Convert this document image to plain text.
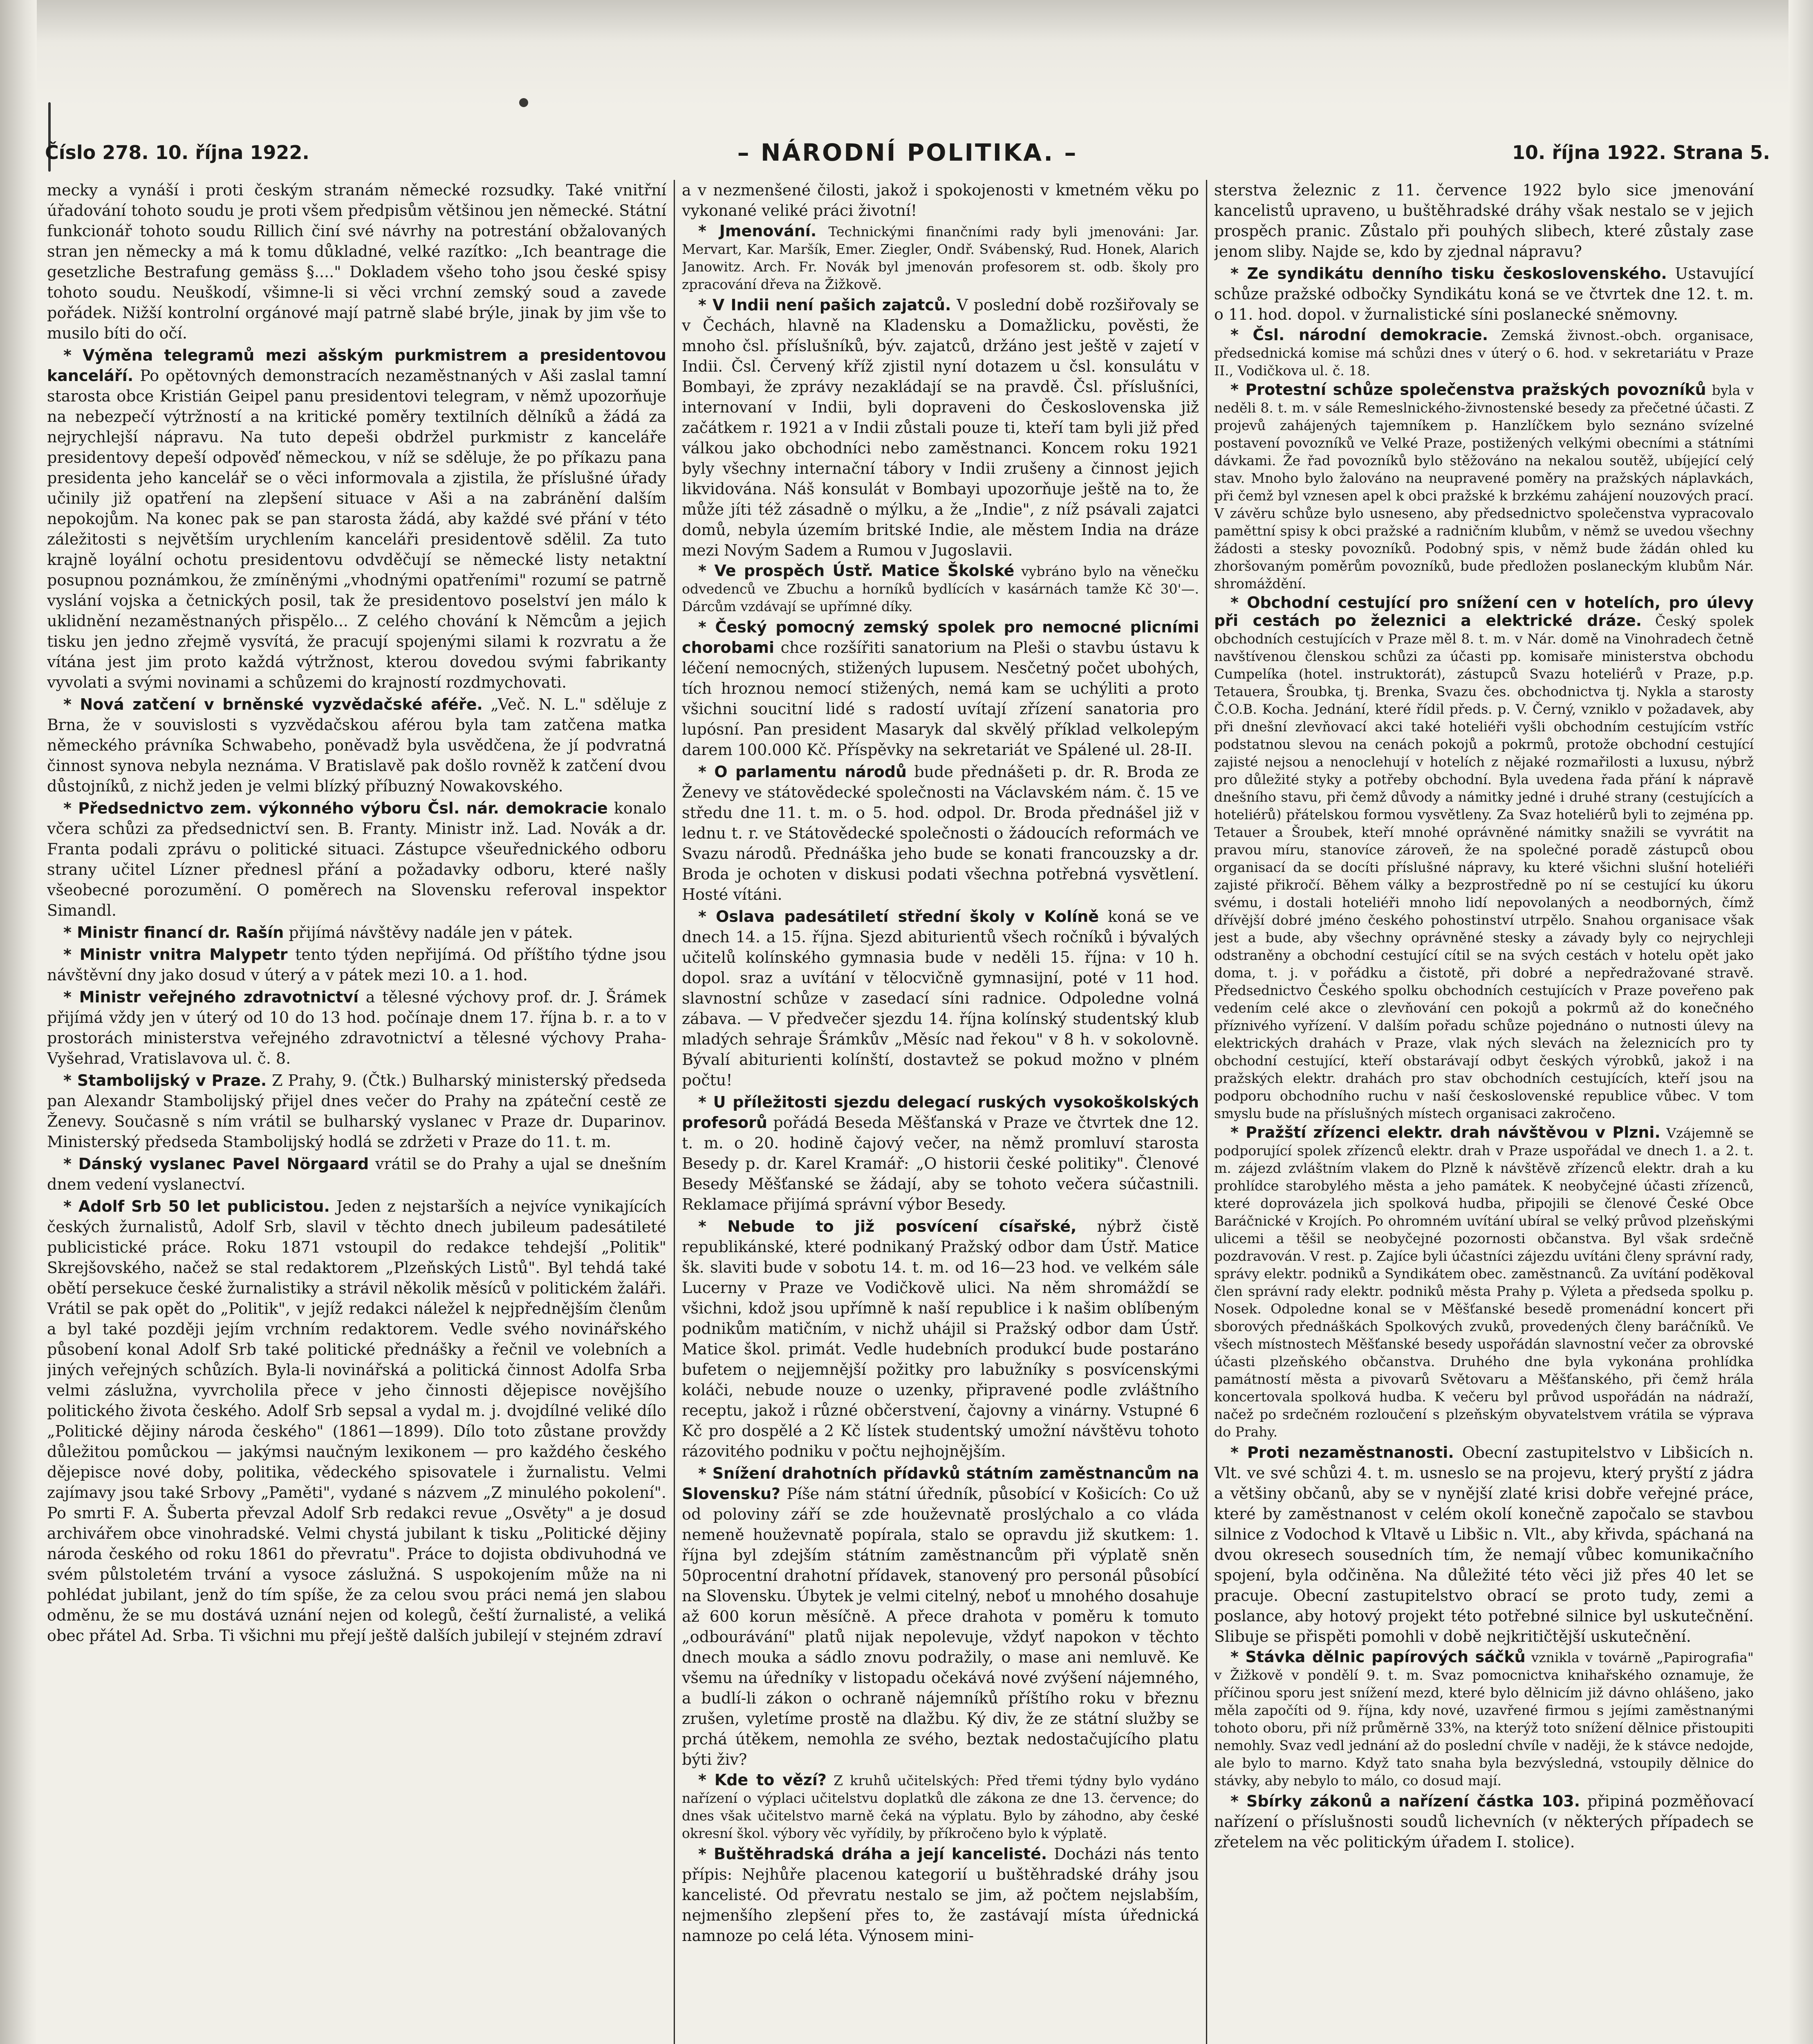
Číslo 278. 10. října 1922.	– NÁRODNÍ POLITIKA. –	10. října 1922. Strana 5.

mecky a vynáší i proti českým stranám německé rozsudky. Také vnitřní úřadování tohoto soudu je proti všem předpisům většinou jen německé. Státní funkcionář tohoto soudu Rillich činí své návrhy na potrestání obžalovaných stran jen německy a má k tomu důkladné, velké razítko: „Ich beantrage die gesetzliche Bestrafung gemäss §...." Dokladem všeho toho jsou české spisy tohoto soudu. Neuškodí, všimne-li si věci vrchní zemský soud a zavede pořádek. Nižší kontrolní orgánové mají patrně slabé brýle, jinak by jim vše to musilo bíti do očí.

* Výměna telegramů mezi ašským purkmistrem a presidentovou kanceláří. Po opětovných demonstracích nezaměstnaných v Aši zaslal tamní starosta obce Kristián Geipel panu presidentovi telegram, v němž upozorňuje na nebezpečí výtržností a na kritické poměry textilních dělníků a žádá za nejrychlejší nápravu. Na tuto depeši obdržel purkmistr z kanceláře presidentovy depeší odpověď německou, v níž se sděluje, že po příkazu pana presidenta jeho kancelář se o věci informovala a zjistila, že příslušné úřady učinily již opatření na zlepšení situace v Aši a na zabránění dalším nepokojům. Na konec pak se pan starosta žádá, aby každé své přání v této záležitosti s největším urychlením kanceláři presidentově sdělil. Za tuto krajně loyální ochotu presidentovu odvděčují se německé listy netaktní posupnou poznámkou, že zmíněnými „vhodnými opatřeními" rozumí se patrně vyslání vojska a četnických posil, tak že presidentovo poselství jen málo k uklidnění nezaměstnaných přispělo... Z celého chování k Němcům a jejich tisku jen jedno zřejmě vysvítá, že pracují spojenými silami k rozvratu a že vítána jest jim proto každá výtržnost, kterou dovedou svými fabrikanty vyvolati a svými novinami a schůzemi do krajností rozdmychovati.

* Nová zatčení v brněnské vyzvědačské aféře. „Več. N. L." sděluje z Brna, že v souvislosti s vyzvědačskou aférou byla tam zatčena matka německého právníka Schwabeho, poněvadž byla usvědčena, že jí podvratná činnost synova nebyla neznáma. V Bratislavě pak došlo rovněž k zatčení dvou důstojníků, z nichž jeden je velmi blízký příbuzný Nowakovského.

* Předsednictvo zem. výkonného výboru Čsl. nár. demokracie konalo včera schůzi za předsednictví sen. B. Franty. Ministr inž. Lad. Novák a dr. Franta podali zprávu o politické situaci. Zástupce všeuřednického odboru strany učitel Lízner přednesl přání a požadavky odboru, které našly všeobecné porozumění. O poměrech na Slovensku referoval inspektor Simandl.

* Ministr financí dr. Rašín přijímá návštěvy nadále jen v pátek.

* Ministr vnitra Malypetr tento týden nepřijímá. Od příštího týdne jsou návštěvní dny jako dosud v úterý a v pátek mezi 10. a 1. hod.

* Ministr veřejného zdravotnictví a tělesné výchovy prof. dr. J. Šrámek přijímá vždy jen v úterý od 10 do 13 hod. počínaje dnem 17. října b. r. a to v prostorách ministerstva veřejného zdravotnictví a tělesné výchovy Praha-Vyšehrad, Vratislavova ul. č. 8.

* Stambolijský v Praze. Z Prahy, 9. (Čtk.) Bulharský ministerský předseda pan Alexandr Stambolijský přijel dnes večer do Prahy na zpáteční cestě ze Ženevy. Současně s ním vrátil se bulharský vyslanec v Praze dr. Duparinov. Ministerský předseda Stambolijský hodlá se zdržeti v Praze do 11. t. m.

* Dánský vyslanec Pavel Nörgaard vrátil se do Prahy a ujal se dnešním dnem vedení vyslanectví.

* Adolf Srb 50 let publicistou. Jeden z nejstarších a nejvíce vynikajících českých žurnalistů, Adolf Srb, slavil v těchto dnech jubileum padesátileté publicistické práce. Roku 1871 vstoupil do redakce tehdejší „Politik" Skrejšovského, načež se stal redaktorem „Plzeňských Listů". Byl tehdá také obětí persekuce české žurnalistiky a strávil několik měsíců v politickém žaláři. Vrátil se pak opět do „Politik", v jejíž redakci náležel k nejpřednějším členům a byl také později jejím vrchním redaktorem. Vedle svého novinářského působení konal Adolf Srb také politické přednášky a řečnil ve volebních a jiných veřejných schůzích. Byla-li novinářská a politická činnost Adolfa Srba velmi záslužna, vyvrcholila přece v jeho činnosti dějepisce novějšího politického života českého. Adolf Srb sepsal a vydal m. j. dvojdílné veliké dílo „Politické dějiny národa českého" (1861—1899). Dílo toto zůstane provždy důležitou pomůckou — jakýmsi naučným lexikonem — pro každého českého dějepisce nové doby, politika, vědeckého spisovatele i žurnalistu. Velmi zajímavy jsou také Srbovy „Paměti", vydané s názvem „Z minulého pokolení". Po smrti F. A. Šuberta převzal Adolf Srb redakci revue „Osvěty" a je dosud archivářem obce vinohradské. Velmi chystá jubilant k tisku „Politické dějiny národa českého od roku 1861 do převratu". Práce to dojista obdivuhodná ve svém půlstoletém trvání a vysoce záslužná. S uspokojením může na ni pohlédat jubilant, jenž do tím spíše, že za celou svou práci nemá jen slabou odměnu, že se mu dostává uznání nejen od kolegů, čeští žurnalisté, a veliká obec přátel Ad. Srba. Ti všichni mu přejí ještě dalších jubilejí v stejném zdraví

a v nezmenšené čilosti, jakož i spokojenosti v kmetném věku po vykonané veliké práci životní!

* Jmenování. Technickými finančními rady byli jmenováni: Jar. Mervart, Kar. Maršík, Emer. Ziegler, Ondř. Svábenský, Rud. Honek, Alarich Janowitz. Arch. Fr. Novák byl jmenován profesorem st. odb. školy pro zpracování dřeva na Žižkově.

* V Indii není pašich zajatců. V poslední době rozšiřovaly se v Čechách, hlavně na Kladensku a Domažlicku, pověsti, že mnoho čsl. příslušníků, býv. zajatců, držáno jest ještě v zajetí v Indii. Čsl. Červený kříž zjistil nyní dotazem u čsl. konsulátu v Bombayi, že zprávy nezakládají se na pravdě. Čsl. příslušníci, internovaní v Indii, byli dopraveni do Československa již začátkem r. 1921 a v Indii zůstali pouze ti, kteří tam byli již před válkou jako obchodníci nebo zaměstnanci. Koncem roku 1921 byly všechny internační tábory v Indii zrušeny a činnost jejich likvidována. Náš konsulát v Bombayi upozorňuje ještě na to, že může jíti též zásadně o mýlku, a že „Indie", z níž psávali zajatci domů, nebyla územím britské Indie, ale městem India na dráze mezi Novým Sadem a Rumou v Jugoslavii.

* Ve prospěch Ústř. Matice Školské vybráno bylo na věnečku odvedenců ve Zbuchu a horníků bydlících v kasárnách tamže Kč 30'—. Dárcům vzdávají se upřímné díky.

* Český pomocný zemský spolek pro nemocné plicními chorobami chce rozšířiti sanatorium na Pleši o stavbu ústavu k léčení nemocných, stižených lupusem. Nesčetný počet ubohých, tích hroznou nemocí stižených, nemá kam se uchýliti a proto všichni soucitní lidé s radostí uvítají zřízení sanatoria pro lupósní. Pan president Masaryk dal skvělý příklad velkolepým darem 100.000 Kč. Příspěvky na sekretariát ve Spálené ul. 28-II.

* O parlamentu národů bude přednášeti p. dr. R. Broda ze Ženevy ve státovědecké společnosti na Václavském nám. č. 15 ve středu dne 11. t. m. o 5. hod. odpol. Dr. Broda přednášel již v lednu t. r. ve Státovědecké společnosti o žádoucích reformách ve Svazu národů. Přednáška jeho bude se konati francouzsky a dr. Broda je ochoten v diskusi podati všechna potřebná vysvětlení. Hosté vítáni.

* Oslava padesátiletí střední školy v Kolíně koná se ve dnech 14. a 15. října. Sjezd abiturientů všech ročníků i bývalých učitelů kolínského gymnasia bude v neděli 15. října: v 10 h. dopol. sraz a uvítání v tělocvičně gymnasijní, poté v 11 hod. slavnostní schůze v zasedací síni radnice. Odpoledne volná zábava. — V předvečer sjezdu 14. října kolínský studentský klub mladých sehraje Šrámkův „Měsíc nad řekou" v 8 h. v sokolovně. Bývalí abiturienti kolínští, dostavtež se pokud možno v plném počtu!

* U příležitosti sjezdu delegací ruských vysokoškolských profesorů pořádá Beseda Měšťanská v Praze ve čtvrtek dne 12. t. m. o 20. hodině čajový večer, na němž promluví starosta Besedy p. dr. Karel Kramář: „O historii české politiky". Členové Besedy Měšťanské se žádají, aby se tohoto večera súčastnili. Reklamace přijímá správní výbor Besedy.

* Nebude to již posvícení císařské, nýbrž čistě republikánské, které podnikaný Pražský odbor dam Ústř. Matice šk. slaviti bude v sobotu 14. t. m. od 16—23 hod. ve velkém sále Lucerny v Praze ve Vodičkově ulici. Na něm shromáždí se všichni, kdož jsou upřímně k naší republice i k našim oblíbeným podnikům matičním, v nichž uhájil si Pražský odbor dam Ústř. Matice škol. primát. Vedle hudebních produkcí bude postaráno bufetem o nejjemnější požitky pro labužníky s posvícenskými koláči, nebude nouze o uzenky, připravené podle zvláštního receptu, jakož i různé občerstvení, čajovny a vinárny. Vstupné 6 Kč pro dospělé a 2 Kč lístek studentský umožní návštěvu tohoto rázovitého podniku v počtu nejhojnějším.

* Snížení drahotních přídavků státním zaměstnancům na Slovensku? Píše nám státní úředník, působící v Košicích: Co už od poloviny září se zde houževnatě proslýchalo a co vláda nemeně houževnatě popírala, stalo se opravdu již skutkem: 1. října byl zdejším státním zaměstnancům při výplatě sněn 50procentní drahotní přídavek, stanovený pro personál působící na Slovensku. Úbytek je velmi citelný, neboť u mnohého dosahuje až 600 korun měsíčně. A přece drahota v poměru k tomuto „odbourávání" platů nijak nepolevuje, vždyť napokon v těchto dnech mouka a sádlo znovu podražily, o mase ani nemluvě. Ke všemu na úředníky v listopadu očekává nové zvýšení nájemného, a budlí-li zákon o ochraně nájemníků příštího roku v březnu zrušen, vyletíme prostě na dlažbu. Ký div, že ze státní služby se prchá útěkem, nemohla ze svého, beztak nedostačujícího platu býti živ?

* Kde to vězí? Z kruhů učitelských: Před třemi týdny bylo vydáno nařízení o výplaci učitelstvu doplatků dle zákona ze dne 13. července; do dnes však učitelstvo marně čeká na výplatu. Bylo by záhodno, aby české okresní škol. výbory věc vyřídily, by příkročeno bylo k výplatě.

* Buštěhradská dráha a její kancelisté. Docházi nás tento přípis: Nejhůře placenou kategorií u buštěhradské dráhy jsou kancelisté. Od převratu nestalo se jim, až počtem nejslabším, nejmenšího zlepšení přes to, že zastávají místa úřednická namnoze po celá léta. Výnosem mini-

sterstva železnic z 11. července 1922 bylo sice jmenování kancelistů upraveno, u buštěhradské dráhy však nestalo se v jejich prospěch pranic. Zůstalo při pouhých slibech, které zůstaly zase jenom sliby. Najde se, kdo by zjednal nápravu?

* Ze syndikátu denního tisku československého. Ustavující schůze pražské odbočky Syndikátu koná se ve čtvrtek dne 12. t. m. o 11. hod. dopol. v žurnalistické síni poslanecké sněmovny.

* Čsl. národní demokracie. Zemská živnost.-obch. organisace, předsednická komise má schůzi dnes v úterý o 6. hod. v sekretariátu v Praze II., Vodičkova ul. č. 18.

* Protestní schůze společenstva pražských povozníků byla v neděli 8. t. m. v sále Remeslnického-živnostenské besedy za přečetné účasti. Z projevů zahájených tajemníkem p. Hanzlíčkem bylo seznáno svízelné postavení povozníků ve Velké Praze, postižených velkými obecními a státními dávkami. Že řad povozníků bylo stěžováno na nekalou soutěž, ubíjející celý stav. Mnoho bylo žalováno na neupravené poměry na pražských náplavkách, při čemž byl vznesen apel k obci pražské k brzkému zahájení nouzových prací. V závěru schůze bylo usneseno, aby předsednictvo společenstva vypracovalo paměttní spisy k obci pražské a radničním klubům, v němž se uvedou všechny žádosti a stesky povozníků. Podobný spis, v němž bude žádán ohled ku zhoršovaným poměrům povozníků, bude předložen poslaneckým klubům Nár. shromáždění.

* Obchodní cestující pro snížení cen v hotelích, pro úlevy při cestách po železnici a elektrické dráze. Český spolek obchodních cestujících v Praze měl 8. t. m. v Nár. domě na Vinohradech četně navštívenou členskou schůzi za účasti pp. komisaře ministerstva obchodu Cumpelíka (hotel. instruktorát), zástupců Svazu hoteliérů v Praze, p.p. Tetauera, Šroubka, tj. Brenka, Svazu čes. obchodnictva tj. Nykla a starosty Č.O.B. Kocha. Jednání, které řídil předs. p. V. Černý, vzniklo v požadavek, aby při dnešní zlevňovací akci také hoteliéři vyšli obchodním cestujícím vstříc podstatnou slevou na cenách pokojů a pokrmů, protože obchodní cestující zajisté nejsou a nenoclehují v hotelích z nějaké rozmařilosti a luxusu, nýbrž pro důležité styky a potřeby obchodní. Byla uvedena řada přání k nápravě dnešního stavu, při čemž důvody a námitky jedné i druhé strany (cestujících a hoteliérů) přátelskou formou vysvětleny. Za Svaz hoteliérů byli to zejména pp. Tetauer a Šroubek, kteří mnohé oprávněné námitky snažili se vyvrátit na pravou míru, stanovíce zároveň, že na společné poradě zástupců obou organisací da se docíti příslušné nápravy, ku které všichni slušní hoteliéři zajisté přikročí. Během války a bezprostředně po ní se cestující ku úkoru svému, i dostali hoteliéři mnoho lidí nepovolaných a neodborných, čímž dřívější dobré jméno českého pohostinství utrpělo. Snahou organisace však jest a bude, aby všechny oprávněné stesky a závady byly co nejrychleji odstraněny a obchodní cestující cítil se na svých cestách v hotelu opět jako doma, t. j. v pořádku a čistotě, při dobré a nepředražované stravě. Předsednictvo Českého spolku obchodních cestujících v Praze poveřeno pak vedením celé akce o zlevňování cen pokojů a pokrmů až do konečného příznivého vyřízení. V dalším pořadu schůze pojednáno o nutnosti úlevy na elektrických drahách v Praze, vlak ných slevách na železnicích pro ty obchodní cestující, kteří obstarávají odbyt českých výrobků, jakož i na pražských elektr. drahách pro stav obchodních cestujících, kteří jsou na podporu obchodního ruchu v naší československé republice vůbec. V tom smyslu bude na příslušných místech organisaci zakročeno.

* Pražští zřízenci elektr. drah návštěvou v Plzni. Vzájemně se podporující spolek zřízenců elektr. drah v Praze uspořádal ve dnech 1. a 2. t. m. zájezd zvláštním vlakem do Plzně k návštěvě zřízenců elektr. drah a ku prohlídce starobylého města a jeho památek. K neobyčejné účasti zřízenců, které doprovázela jich spolková hudba, připojili se členové České Obce Baráčnické v Krojích. Po ohromném uvítání ubíral se velký průvod plzeňskými ulicemi a těšil se neobyčejné pozornosti občanstva. Byl však srdečně pozdravován. V rest. p. Zajíce byli účastníci zájezdu uvítáni členy správní rady, správy elektr. podniků a Syndikátem obec. zaměstnanců. Za uvítání poděkoval člen správní rady elektr. podniků města Prahy p. Výleta a předseda spolku p. Nosek. Odpoledne konal se v Měšťanské besedě promenádní koncert při sborových přednáškách Spolkových zvuků, provedených členy baráčníků. Ve všech místnostech Měšťanské besedy uspořádán slavnostní večer za obrovské účasti plzeňského občanstva. Druhého dne byla vykonána prohlídka památností města a pivovarů Světovaru a Měšťanského, při čemž hrála koncertovala spolková hudba. K večeru byl průvod uspořádán na nádraží, načež po srdečném rozloučení s plzeňským obyvatelstvem vrátila se výprava do Prahy.

* Proti nezaměstnanosti. Obecní zastupitelstvo v Libšicích n. Vlt. ve své schůzi 4. t. m. usneslo se na projevu, který pryští z jádra a většiny občanů, aby se v nynější zlaté krisi dobře veřejné práce, které by zaměstnanost v celém okolí konečně započalo se stavbou silnice z Vodochod k Vltavě u Libšic n. Vlt., aby křivda, spáchaná na dvou okresech sousedních tím, že nemají vůbec komunikačního spojení, byla odčiněna. Na důležité této věci již přes 40 let se pracuje. Obecní zastupitelstvo obrací se proto tudy, zemi a poslance, aby hotový projekt této potřebné silnice byl uskutečnění. Slibuje se přispěti pomohli v době nejkritičtější uskutečnění.

* Stávka dělnic papírových sáčků vznikla v továrně „Papirografia" v Žižkově v pondělí 9. t. m. Svaz pomocnictva knihařského oznamuje, že příčinou sporu jest snížení mezd, které bylo dělnicím již dávno ohlášeno, jako měla započíti od 9. října, kdy nové, uzavřené firmou s jejími zaměstnanými tohoto oboru, při níž průměrně 33%, na kterýž toto snížení dělnice přistoupiti nemohly. Svaz vedl jednání až do poslední chvíle v naději, že k stávce nedojde, ale bylo to marno. Když tato snaha byla bezvýsledná, vstoupily dělnice do stávky, aby nebylo to málo, co dosud mají.

* Sbírky zákonů a nařízení částka 103. připiná pozměňovací nařízení o příslušnosti soudů lichevních (v některých případech se zřetelem na věc politickým úřadem I. stolice).
